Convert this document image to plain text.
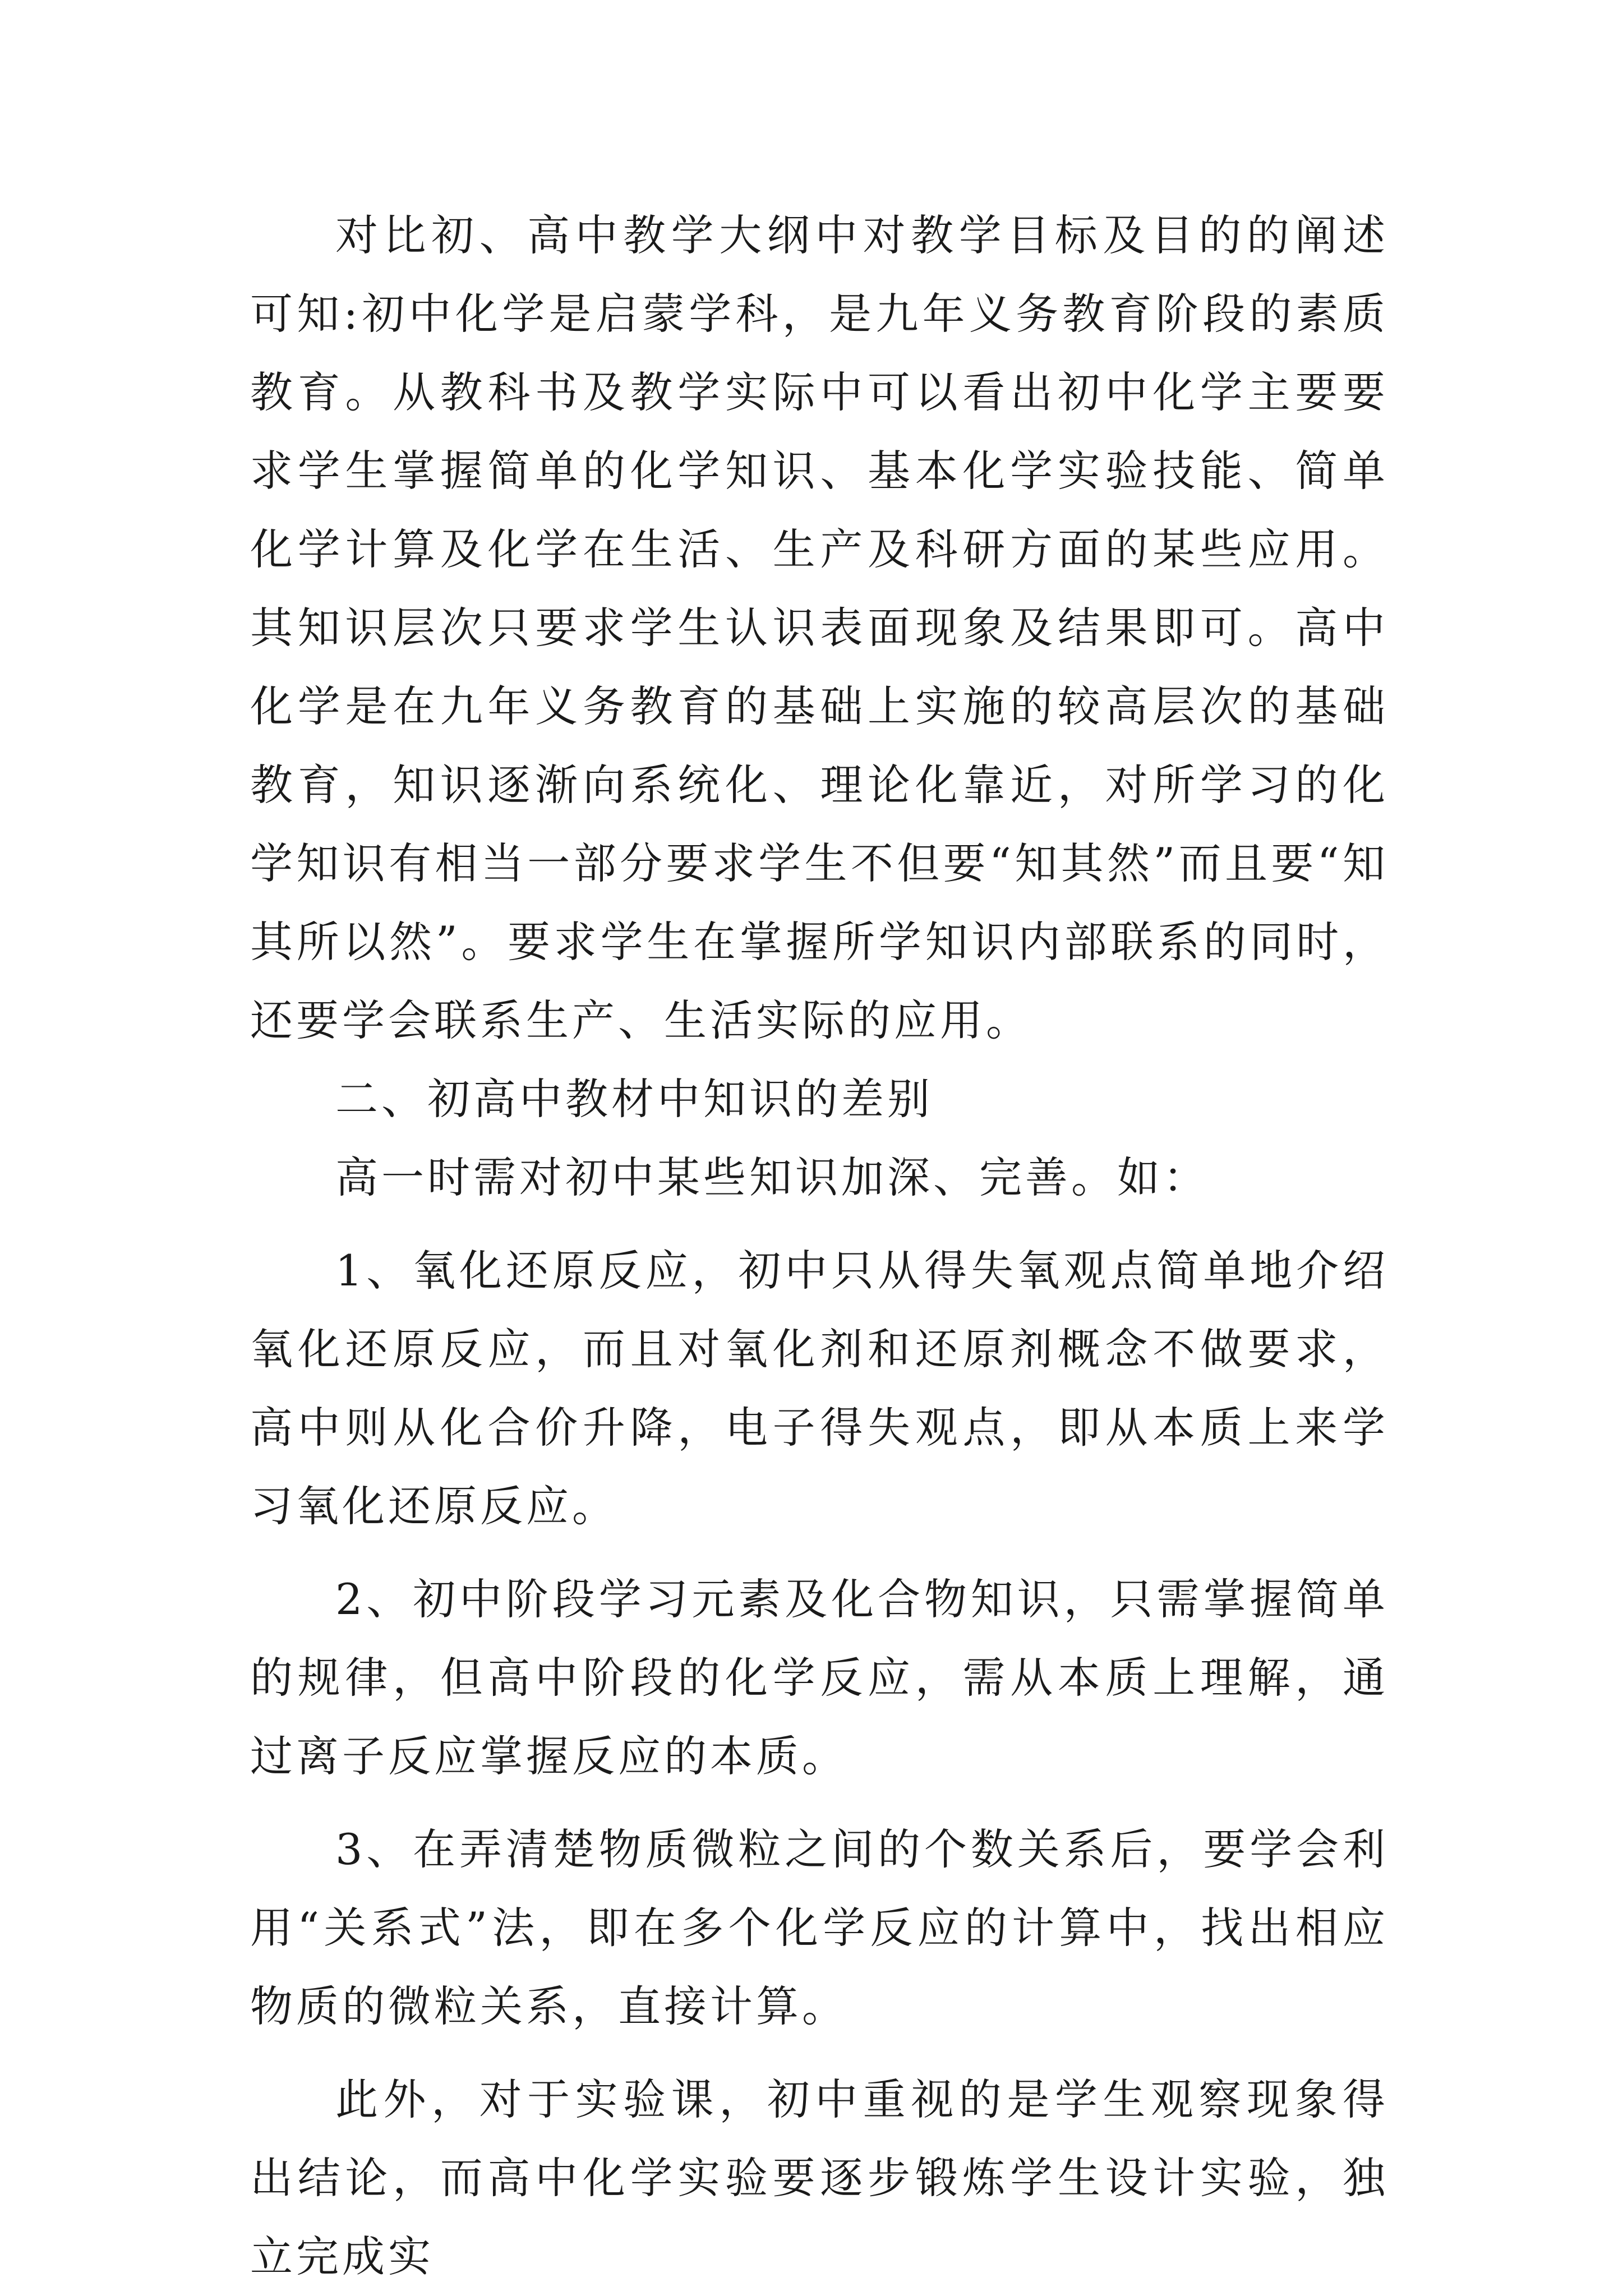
对比初、高中教学大纲中对教学目标及目的的阐述可知:初中化学是启蒙学科，是九年义务教育阶段的素质教育。从教科书及教学实际中可以看出初中化学主要要求学生掌握简单的化学知识、基本化学实验技能、简单化学计算及化学在生活、生产及科研方面的某些应用。其知识层次只要求学生认识表面现象及结果即可。高中化学是在九年义务教育的基础上实施的较高层次的基础教育，知识逐渐向系统化、理论化靠近，对所学习的化学知识有相当一部分要求学生不但要“知其然”而且要“知其所以然”。要求学生在掌握所学知识内部联系的同时，还要学会联系生产、生活实际的应用。

二、初高中教材中知识的差别

高一时需对初中某些知识加深、完善。如：

1、氧化还原反应，初中只从得失氧观点简单地介绍氧化还原反应，而且对氧化剂和还原剂概念不做要求，高中则从化合价升降，电子得失观点，即从本质上来学习氧化还原反应。

2、初中阶段学习元素及化合物知识，只需掌握简单的规律，但高中阶段的化学反应，需从本质上理解，通过离子反应掌握反应的本质。

3、在弄清楚物质微粒之间的个数关系后，要学会利用“关系式”法，即在多个化学反应的计算中，找出相应物质的微粒关系，直接计算。

此外，对于实验课，初中重视的是学生观察现象得出结论，而高中化学实验要逐步锻炼学生设计实验，独立完成实
